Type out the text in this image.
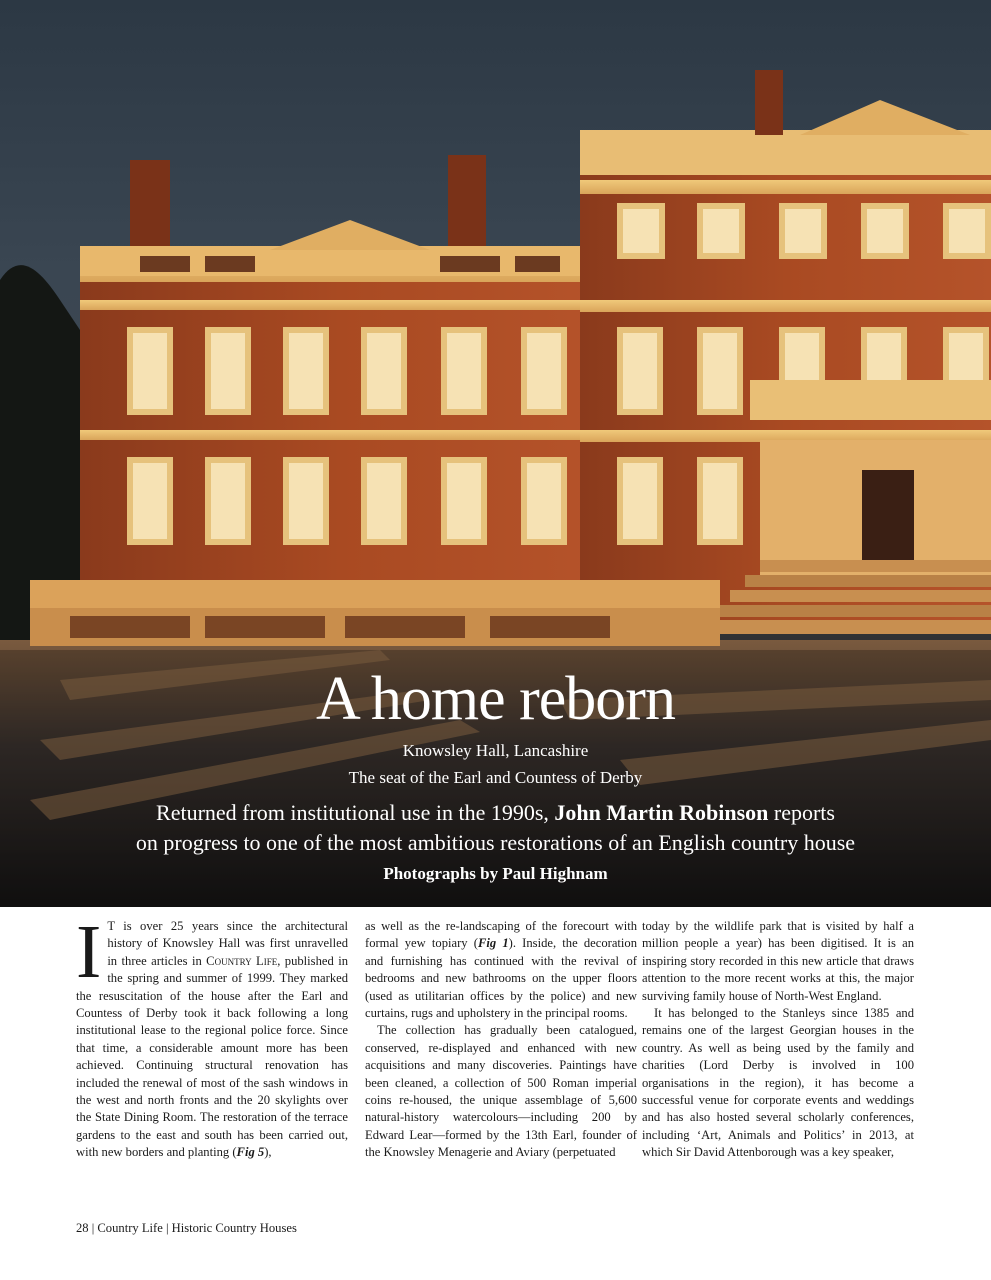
A home reborn
Knowsley Hall, Lancashire
The seat of the Earl and Countess of Derby
Returned from institutional use in the 1990s, John Martin Robinson reports
on progress to one of the most ambitious restorations of an English country house
Photographs by Paul Highnam

I T is over 25 years since the architectural history of Knowsley Hall was first unravelled in three articles in Country Life, published in the spring and summer of 1999. They marked the resuscitation of the house after the Earl and Countess of Derby took it back following a long institutional lease to the regional police force. Since that time, a considerable amount more has been achieved. Continuing structural renovation has included the renewal of most of the sash windows in the west and north fronts and the 20 skylights over the State Dining Room. The restoration of the terrace gardens to the east and south has been carried out, with new borders and planting (Fig 5),

as well as the re-landscaping of the forecourt with formal yew topiary (Fig 1). Inside, the decoration and furnishing has continued with the revival of bedrooms and new bathrooms on the upper floors (used as utilitarian offices by the police) and new curtains, rugs and upholstery in the principal rooms.

The collection has gradually been catalogued, conserved, re-displayed and enhanced with new acquisitions and many discoveries. Paintings have been cleaned, a collection of 500 Roman imperial coins re-housed, the unique assemblage of 5,600 natural-history watercolours—including 200 by Edward Lear—formed by the 13th Earl, founder of the Knowsley Menagerie and Aviary (perpetuated

today by the wildlife park that is visited by half a million people a year) has been digitised. It is an inspiring story recorded in this new article that draws attention to the more recent works at this, the major surviving family house of North-West England.

It has belonged to the Stanleys since 1385 and remains one of the largest Georgian houses in the country. As well as being used by the family and charities (Lord Derby is involved in 100 organisations in the region), it has become a successful venue for corporate events and weddings and has also hosted several scholarly conferences, including ‘Art, Animals and Politics’ in 2013, at which Sir David Attenborough was a key speaker,

28 | Country Life | Historic Country Houses
